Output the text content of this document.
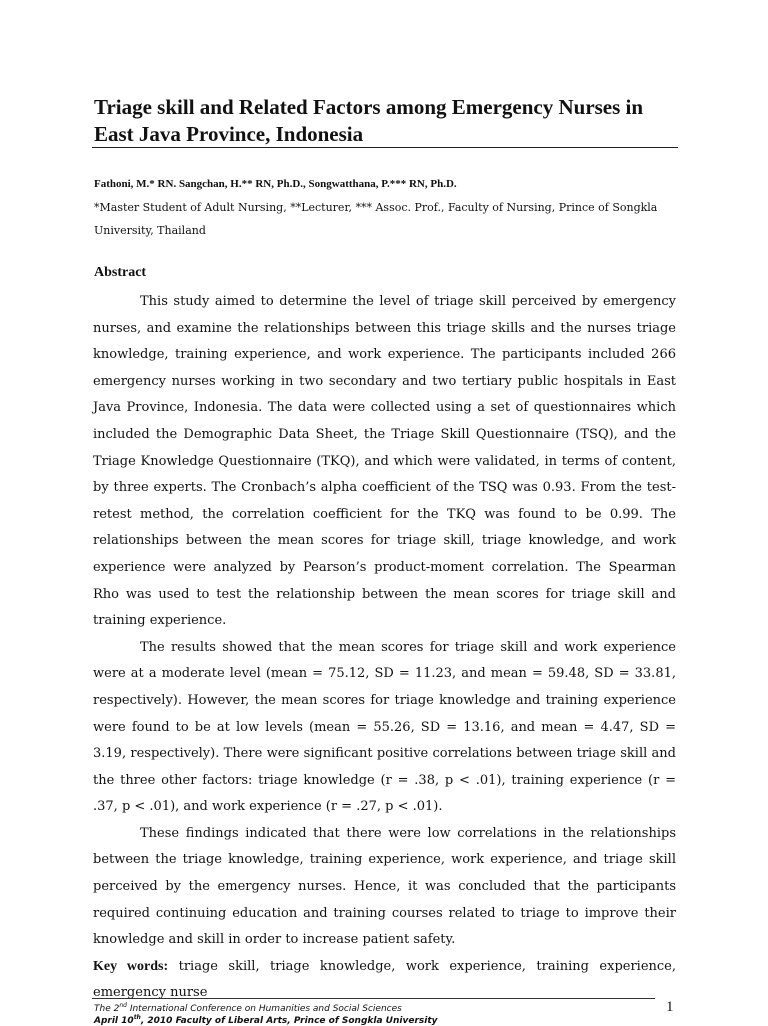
Triage skill and Related Factors among Emergency Nurses in East Java Province, Indonesia
Fathoni, M.* RN. Sangchan, H.** RN, Ph.D., Songwatthana, P.*** RN, Ph.D.
*Master Student of Adult Nursing, **Lecturer, *** Assoc. Prof., Faculty of Nursing, Prince of Songkla University, Thailand
Abstract

This study aimed to determine the level of triage skill perceived by emergency nurses, and examine the relationships between this triage skills and the nurses triage knowledge, training experience, and work experience. The participants included 266 emergency nurses working in two secondary and two tertiary public hospitals in East Java Province, Indonesia. The data were collected using a set of questionnaires which included the Demographic Data Sheet, the Triage Skill Questionnaire (TSQ), and the Triage Knowledge Questionnaire (TKQ), and which were validated, in terms of content, by three experts. The Cronbach’s alpha coefficient of the TSQ was 0.93. From the test-retest method, the correlation coefficient for the TKQ was found to be 0.99. The relationships between the mean scores for triage skill, triage knowledge, and work experience were analyzed by Pearson’s product-moment correlation. The Spearman Rho was used to test the relationship between the mean scores for triage skill and training experience.

The results showed that the mean scores for triage skill and work experience were at a moderate level (mean = 75.12, SD = 11.23, and mean = 59.48, SD = 33.81, respectively). However, the mean scores for triage knowledge and training experience were found to be at low levels (mean = 55.26, SD = 13.16, and mean = 4.47, SD = 3.19, respectively). There were significant positive correlations between triage skill and the three other factors: triage knowledge (r = .38, p < .01), training experience (r = .37, p < .01), and work experience (r = .27, p < .01).

These findings indicated that there were low correlations in the relationships between the triage knowledge, training experience, work experience, and triage skill perceived by the emergency nurses. Hence, it was concluded that the participants required continuing education and training courses related to triage to improve their knowledge and skill in order to increase patient safety.

Key words: triage skill, triage knowledge, work experience, training experience, emergency nurse
The 2nd International Conference on Humanities and Social Sciences
April 10th, 2010 Faculty of Liberal Arts, Prince of Songkla University
1
